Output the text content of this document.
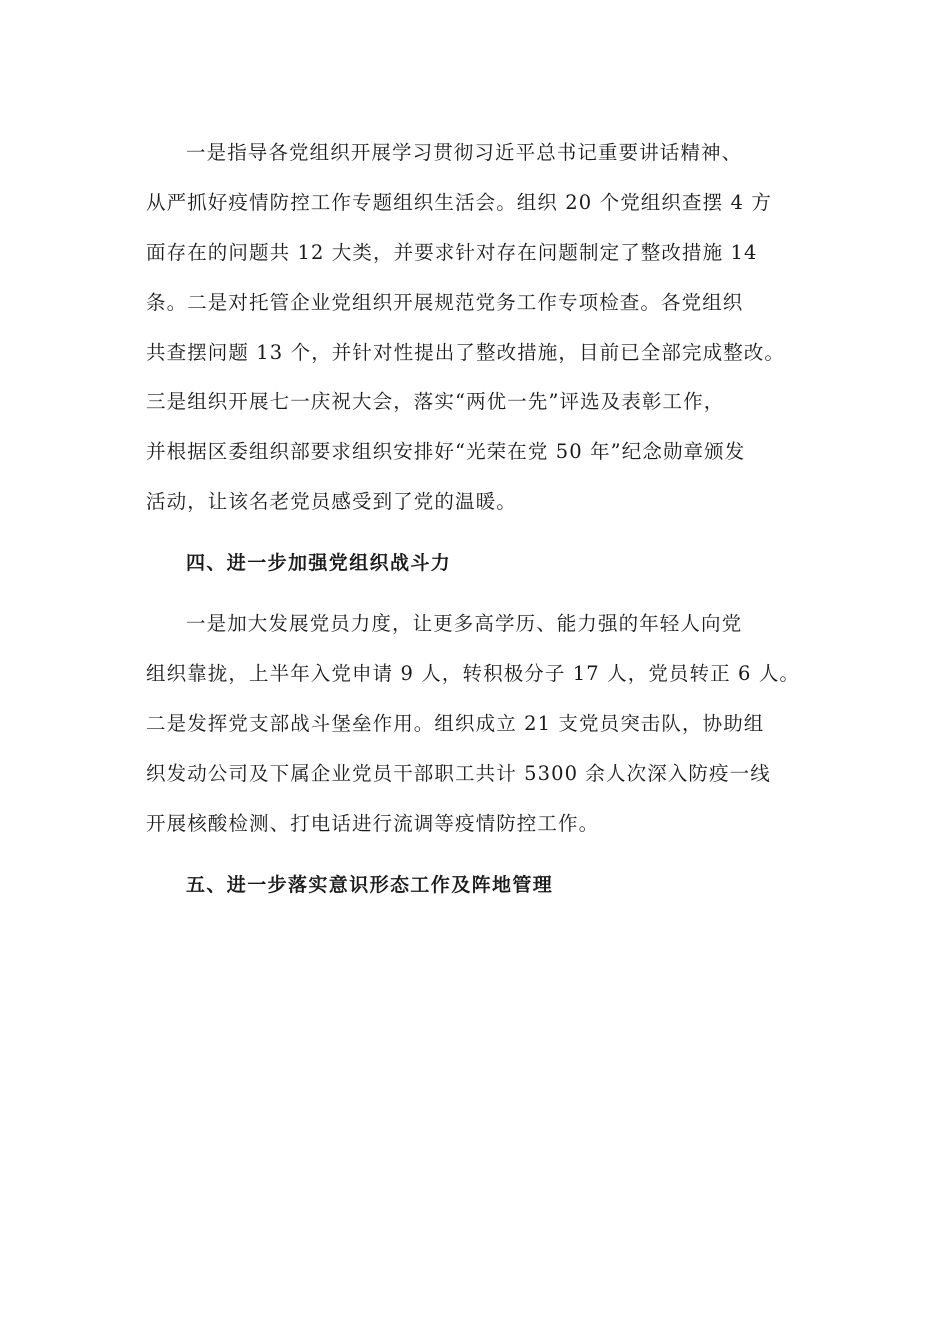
一是指导各党组织开展学习贯彻习近平总书记重要讲话精神、
从严抓好疫情防控工作专题组织生活会。组织 20 个党组织查摆 4 方
面存在的问题共 12 大类，并要求针对存在问题制定了整改措施 14
条。二是对托管企业党组织开展规范党务工作专项检查。各党组织
共查摆问题 13 个，并针对性提出了整改措施，目前已全部完成整改。
三是组织开展七一庆祝大会，落实“两优一先”评选及表彰工作，
并根据区委组织部要求组织安排好“光荣在党 50 年”纪念勋章颁发
活动，让该名老党员感受到了党的温暖。
四、进一步加强党组织战斗力
一是加大发展党员力度，让更多高学历、能力强的年轻人向党
组织靠拢，上半年入党申请 9 人，转积极分子 17 人，党员转正 6 人。
二是发挥党支部战斗堡垒作用。组织成立 21 支党员突击队，协助组
织发动公司及下属企业党员干部职工共计 5300 余人次深入防疫一线
开展核酸检测、打电话进行流调等疫情防控工作。
五、进一步落实意识形态工作及阵地管理
